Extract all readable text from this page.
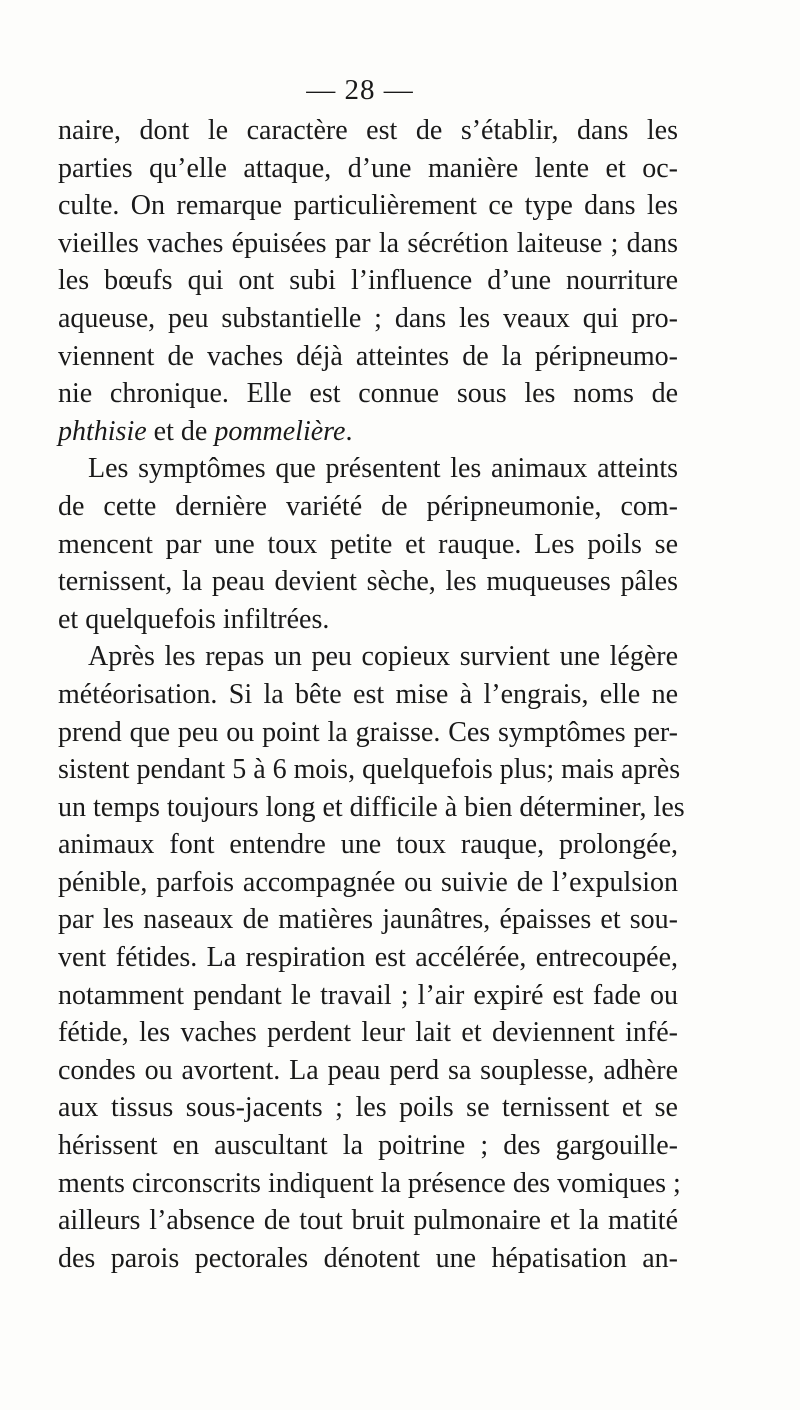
— 28 —
naire, dont le caractère est de s’établir, dans les
parties qu’elle attaque, d’une manière lente et oc-
culte. On remarque particulièrement ce type dans les
vieilles vaches épuisées par la sécrétion laiteuse ; dans
les bœufs qui ont subi l’influence d’une nourriture
aqueuse, peu substantielle ; dans les veaux qui pro-
viennent de vaches déjà atteintes de la péripneumo-
nie chronique. Elle est connue sous les noms de
phthisie et de pommelière.
Les symptômes que présentent les animaux atteints
de cette dernière variété de péripneumonie, com-
mencent par une toux petite et rauque. Les poils se
ternissent, la peau devient sèche, les muqueuses pâles
et quelquefois infiltrées.
Après les repas un peu copieux survient une légère
météorisation. Si la bête est mise à l’engrais, elle ne
prend que peu ou point la graisse. Ces symptômes per-
sistent pendant 5 à 6 mois, quelquefois plus; mais après
un temps toujours long et difficile à bien déterminer, les
animaux font entendre une toux rauque, prolongée,
pénible, parfois accompagnée ou suivie de l’expulsion
par les naseaux de matières jaunâtres, épaisses et sou-
vent fétides. La respiration est accélérée, entrecoupée,
notamment pendant le travail ; l’air expiré est fade ou
fétide, les vaches perdent leur lait et deviennent infé-
condes ou avortent. La peau perd sa souplesse, adhère
aux tissus sous-jacents ; les poils se ternissent et se
hérissent en auscultant la poitrine ; des gargouille-
ments circonscrits indiquent la présence des vomiques ;
ailleurs l’absence de tout bruit pulmonaire et la matité
des parois pectorales dénotent une hépatisation an-
